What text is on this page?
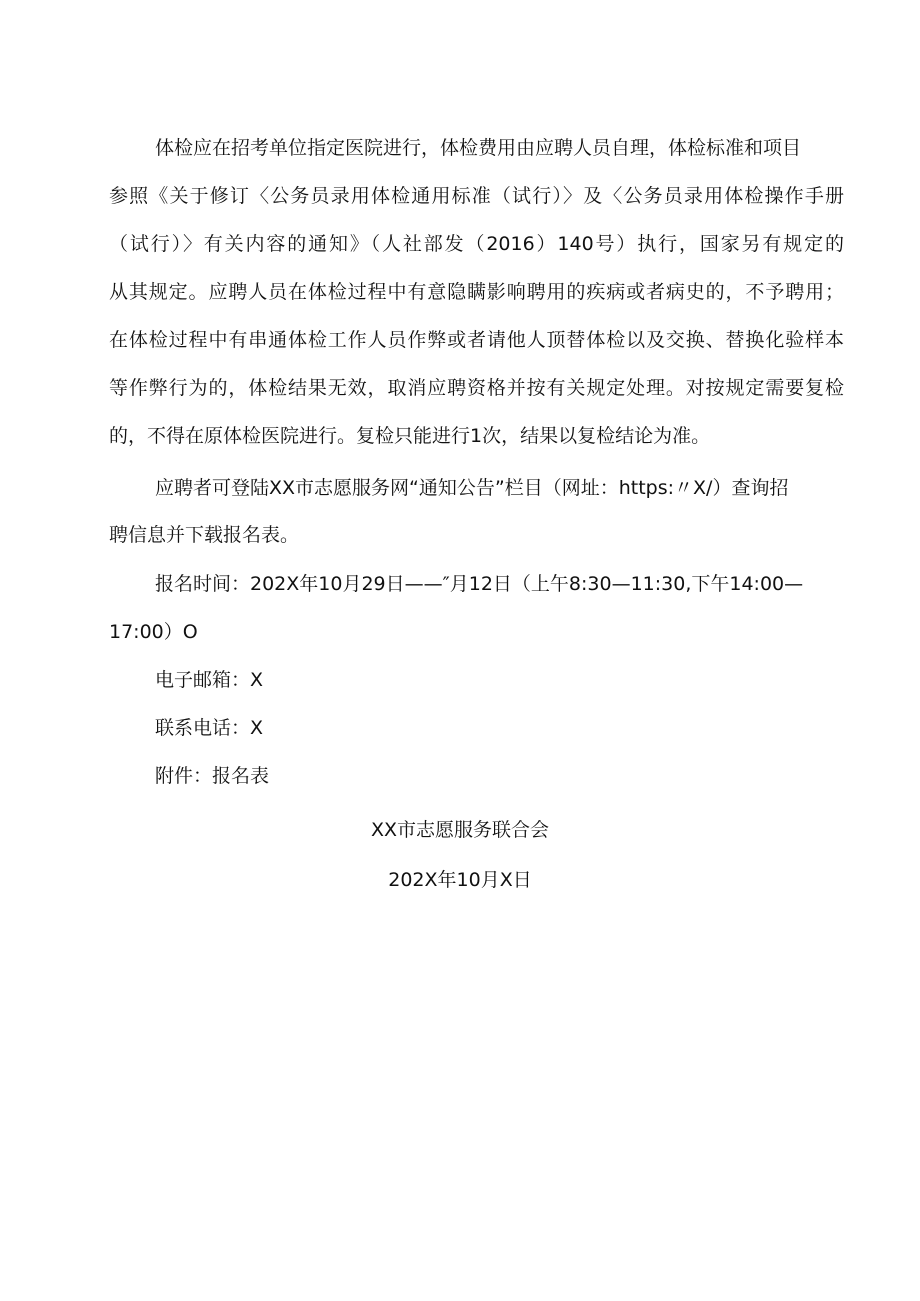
体检应在招考单位指定医院进行，体检费用由应聘人员自理，体检标准和项目
参照《关于修订〈公务员录用体检通用标准（试行）〉及〈公务员录用体检操作手册
（试行）〉有关内容的通知》（人社部发（2016）140号）执行，国家另有规定的
从其规定。应聘人员在体检过程中有意隐瞒影响聘用的疾病或者病史的，不予聘用；
在体检过程中有串通体检工作人员作弊或者请他人顶替体检以及交换、替换化验样本
等作弊行为的，体检结果无效，取消应聘资格并按有关规定处理。对按规定需要复检
的，不得在原体检医院进行。复检只能进行1次，结果以复检结论为准。
应聘者可登陆XX市志愿服务网“通知公告”栏目（网址：https:〃X/）查询招
聘信息并下载报名表。
报名时间：202X年10月29日——″月12日（上午8:30—11:30,下午14:00—
17:00）O
电子邮箱：X
联系电话：X
附件：报名表
XX市志愿服务联合会
202X年10月X日
